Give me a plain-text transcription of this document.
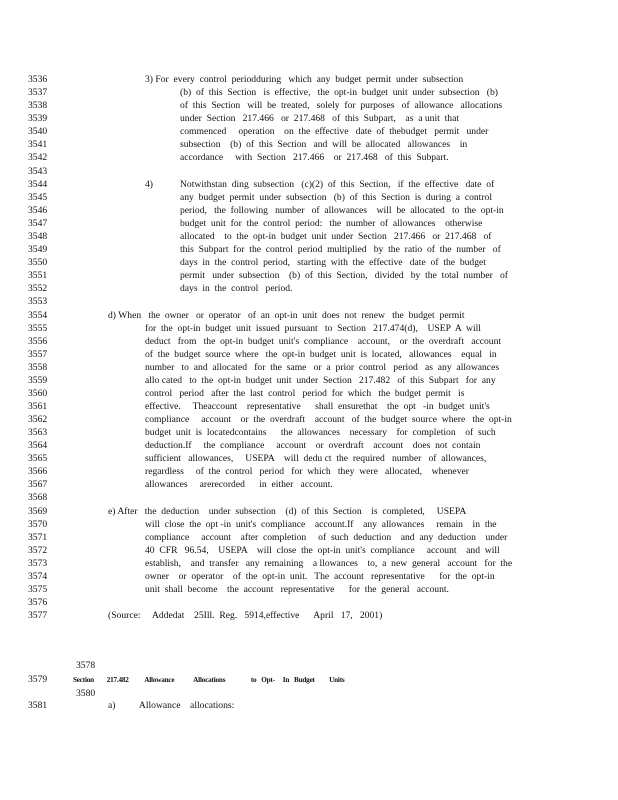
3536	3) For  every  control  periodduring   which  any  budget  permit  under  subsection
3537	(b)  of  this  Section   is  effective,   the  opt-in  budget  unit  under  subsection   (b)
3538	of  this  Section   will  be  treated,   solely  for  purposes   of  allowance   allocations
3539	under  Section   217.466   or  217.468   of  this  Subpart,    as  a unit  that
3540	commenced     operation    on  the  effective   date  of  thebudget   permit   under
3541	subsection    (b)  of  this  Section   and  will  be  allocated   allowances    in
3542	accordance     with  Section   217.466    or  217.468   of  this  Subpart.
3543
3544	4)	Notwithstan  ding  subsection   (c)(2)  of  this  Section,   if  the  effective   date  of
3545	any  budget  permit  under  subsection   (b)  of  this  Section  is  during  a  control
3546	period,   the  following   number   of  allowances    will  be  allocated   to  the  opt-in
3547	budget  unit  for  the  control  period:   the  number  of  allowances    otherwise
3548	allocated    to  the  opt-in  budget  unit  under  Section   217.466   or  217.468   of
3549	this  Subpart  for  the  control  period  multiplied   by  the  ratio  of  the  number   of
3550	days  in  the  control  period,   starting  with  the  effective   date  of  the  budget
3551	permit   under  subsection    (b)  of  this  Section,   divided   by  the  total  number   of
3552	days  in  the  control   period.
3553
3554	d) When   the  owner   or  operator   of  an  opt-in  unit  does  not  renew   the  budget  permit
3555	for  the  opt-in  budget  unit  issued  pursuant   to  Section   217.474(d),    USEP  A  will
3556	deduct   from   the  opt-in  budget  unit's  compliance    account,    or  the  overdraft   account
3557	of  the  budget  source  where   the  opt-in  budget  unit  is  located,   allowances    equal   in
3558	number   to  and  allocated   for  the  same   or  a  prior  control   period   as  any  allowances
3559	allo cated   to  the  opt-in  budget  unit  under  Section   217.482   of  this  Subpart   for  any
3560	control   period   after  the  last  control   period  for  which   the  budget  permit   is
3561	effective.     Theaccount    representative      shall  ensurethat    the  opt   -in  budget  unit's
3562	compliance     account    or  the  overdraft    account   of  the  budget  source  where   the  opt-in
3563	budget  unit  is  locatedcontains      the  allowances    necessary    for  completion    of  such
3564	deduction.If     the  compliance     account    or  overdraft    account    does  not  contain
3565	sufficient   allowances,     USEPA    will  dedu ct  the  required   number   of  allowances,
3566	regardless     of  the  control   period   for  which   they  were   allocated,    whenever
3567	allowances     arerecorded      in  either   account.
3568
3569	e) After   the  deduction    under  subsection    (d)  of  this  Section    is  completed,     USEPA
3570	will  close  the  opt -in  unit's  compliance    account.If    any  allowances     remain    in  the
3571	compliance     account    after  completion     of  such  deduction    and  any  deduction    under
3572	40  CFR   96.54,    USEPA    will  close  the  opt-in  unit's  compliance     account    and  will
3573	establish,    and  transfer   any  remaining    a llowances    to,  a  new  general   account   for  the
3574	owner    or  operator    of  the  opt-in  unit.   The  account   representative      for  the  opt-in
3575	unit  shall  become    the  account   representative      for  the  general   account.
3576
3577	(Source:     Addedat    25Ill.  Reg.   5914,effective      April   17,   2001)
3578
3579	Section        217.482          Allowance            Allocations                to   Opt-     In   Budget         Units
3580
3581	a)          Allowance    allocations:
